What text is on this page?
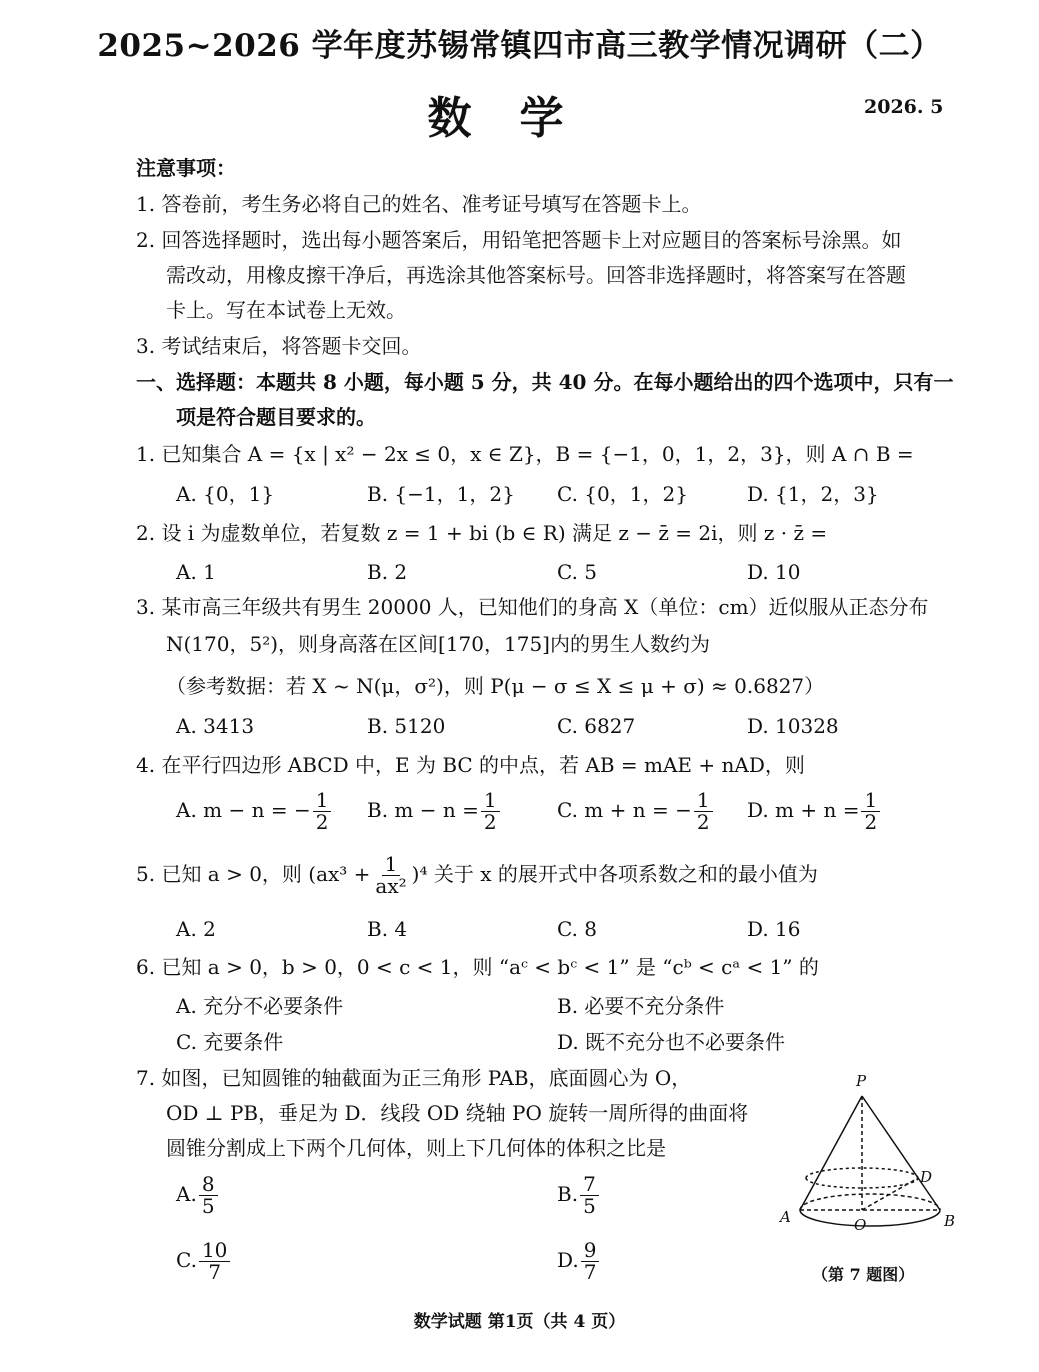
2025~2026 学年度苏锡常镇四市高三教学情况调研（二）
数学	2026. 5
注意事项：
1. 答卷前，考生务必将自己的姓名、准考证号填写在答题卡上。
2. 回答选择题时，选出每小题答案后，用铅笔把答题卡上对应题目的答案标号涂黑。如
需改动，用橡皮擦干净后，再选涂其他答案标号。回答非选择题时，将答案写在答题
卡上。写在本试卷上无效。
3. 考试结束后，将答题卡交回。
一、选择题：本题共 8 小题，每小题 5 分，共 40 分。在每小题给出的四个选项中，只有一
项是符合题目要求的。
1. 已知集合 A = {x | x² − 2x ≤ 0，x ∈ Z}，B = {−1，0，1，2，3}，则 A ∩ B =
A. {0，1}	B. {−1，1，2} C. {0，1，2}	D. {1，2，3}
2. 设 i 为虚数单位，若复数 z = 1 + bi (b ∈ R) 满足 z − z̄ = 2i，则 z · z̄ =
A. 1	B. 2	C. 5	D. 10
3. 某市高三年级共有男生 20000 人，已知他们的身高 X（单位：cm）近似服从正态分布
N(170，5²)，则身高落在区间[170，175]内的男生人数约为
（参考数据：若 X ~ N(μ，σ²)，则 P(μ − σ ≤ X ≤ μ + σ) ≈ 0.6827）
A. 3413	B. 5120	C. 6827	D. 10328
4. 在平行四边形 ABCD 中，E 为 BC 的中点，若 AB = mAE + nAD，则
A. m − n = − $\frac{1}{2} B$. $m - n = \frac{1}{2}$	C. m + n = − $\frac{1}{2} D$. $m + n = \frac{1}{2}$
5. 已知 a > 0，则 $(ax^3 + \frac{1}{\text{ax²}} )^4$ 关于 x 的展开式中各项系数之和的最小值为
A. 2	B. 4	C. 8	D. 16
6. 已知 a > 0，b > 0，0 < c < 1，则 “aᶜ < bᶜ < 1” 是 “cᵇ < cᵃ < 1” 的
A. 充分不必要条件	B. 必要不充分条件
C. 充要条件	D. 既不充分也不必要条件
7. 如图，已知圆锥的轴截面为正三角形 PAB，底面圆心为 O，
OD ⊥ PB，垂足为 D．线段 OD 绕轴 PO 旋转一周所得的曲面将
圆锥分割成上下两个几何体，则上下几何体的体积之比是
A. $\frac{8}{5}$	B. $\frac{7}{5}$
C. $\frac{10}{7}$	D. $\frac{9}{7}$
P
A	B
O
D
（第 7 题图）
数学试题 第1页（共 4 页）
